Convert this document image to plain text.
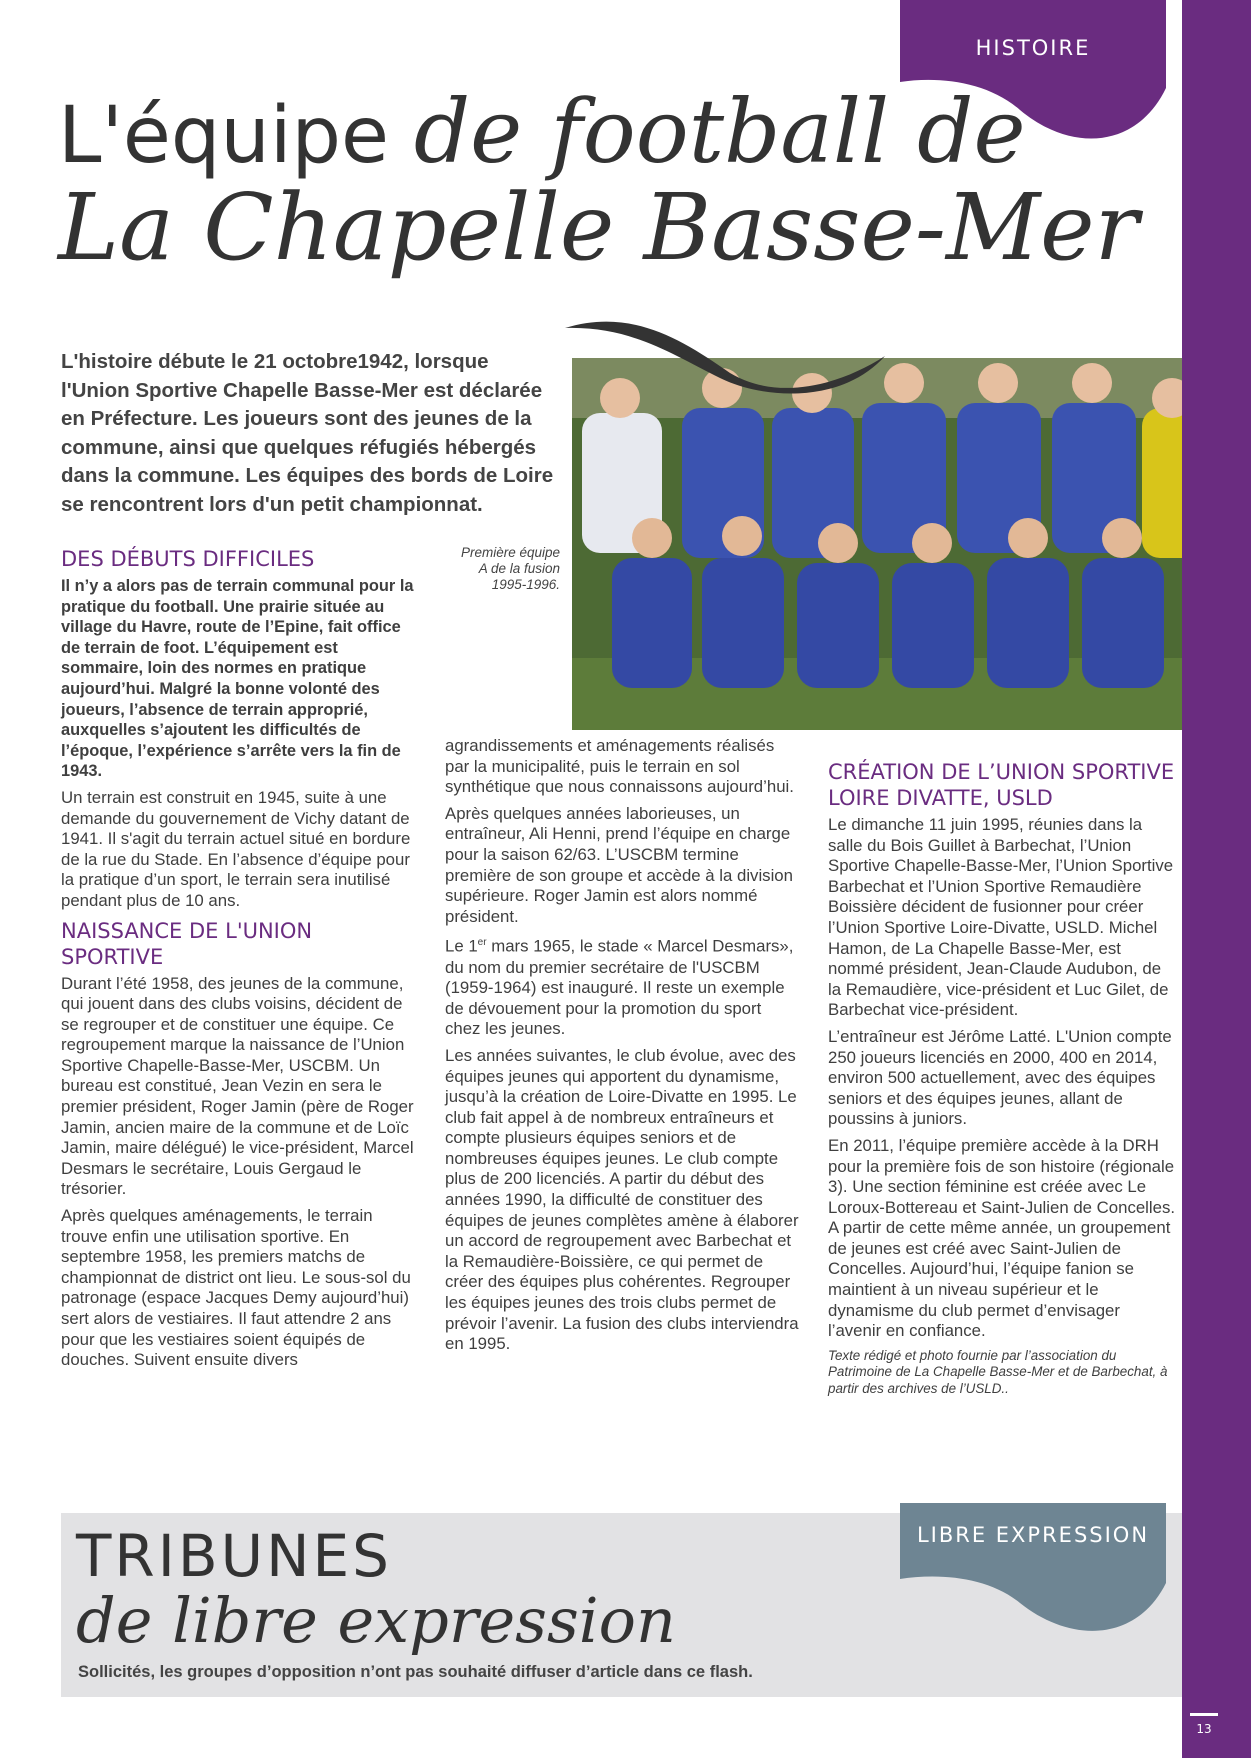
13
HISTOIRE
L'équipe de football de
La Chapelle Basse-Mer
L'histoire débute le 21 octobre1942, lorsque l'Union Sportive Chapelle Basse-Mer est déclarée en Préfecture. Les joueurs sont des jeunes de la commune, ainsi que quelques réfugiés hébergés dans la commune. Les équipes des bords de Loire se rencontrent lors d'un petit championnat.
Première équipe
A de la fusion
1995-1996.
DES DÉBUTS DIFFICILES

Il n’y a alors pas de terrain communal pour la pratique du football. Une prairie située au village du Havre, route de l’Epine, fait office de terrain de foot. L’équipement est sommaire, loin des normes en pratique aujourd’hui. Malgré la bonne volonté des joueurs, l’absence de terrain approprié, auxquelles s’ajoutent les difficultés de l’époque, l’expérience s’arrête vers la fin de 1943.

Un terrain est construit en 1945, suite à une demande du gouvernement de Vichy datant de 1941. Il s'agit du terrain actuel situé en bordure de la rue du Stade. En l’absence d’équipe pour la pratique d’un sport, le terrain sera inutilisé pendant plus de 10 ans.

NAISSANCE DE L'UNION SPORTIVE

Durant l’été 1958, des jeunes de la commune, qui jouent dans des clubs voisins, décident de se regrouper et de constituer une équipe. Ce regroupement marque la naissance de l’Union Sportive Chapelle-Basse-Mer, USCBM. Un bureau est constitué, Jean Vezin en sera le premier président, Roger Jamin (père de Roger Jamin, ancien maire de la commune et de Loïc Jamin, maire délégué) le vice-président, Marcel Desmars le secrétaire, Louis Gergaud le trésorier.

Après quelques aménagements, le terrain trouve enfin une utilisation sportive. En septembre 1958, les premiers matchs de championnat de district ont lieu. Le sous-sol du patronage (espace Jacques Demy aujourd’hui) sert alors de vestiaires. Il faut attendre 2 ans pour que les vestiaires soient équipés de douches. Suivent ensuite divers

agrandissements et aménagements réalisés par la municipalité, puis le terrain en sol synthétique que nous connaissons aujourd’hui.

Après quelques années laborieuses, un entraîneur, Ali Henni, prend l’équipe en charge pour la saison 62/63. L’USCBM termine première de son groupe et accède à la division supérieure. Roger Jamin est alors nommé président.

Le 1er mars 1965, le stade « Marcel Desmars», du nom du premier secrétaire de l'USCBM (1959-1964) est inauguré. Il reste un exemple de dévouement pour la promotion du sport chez les jeunes.

Les années suivantes, le club évolue, avec des équipes jeunes qui apportent du dynamisme, jusqu’à la création de Loire-Divatte en 1995. Le club fait appel à de nombreux entraîneurs et compte plusieurs équipes seniors et de nombreuses équipes jeunes. Le club compte plus de 200 licenciés. A partir du début des années 1990, la difficulté de constituer des équipes de jeunes complètes amène à élaborer un accord de regroupement avec Barbechat et la Remaudière-Boissière, ce qui permet de créer des équipes plus cohérentes. Regrouper les équipes jeunes des trois clubs permet de prévoir l’avenir. La fusion des clubs interviendra en 1995.

CRÉATION DE L’UNION SPORTIVE LOIRE DIVATTE, USLD

Le dimanche 11 juin 1995, réunies dans la salle du Bois Guillet à Barbechat, l’Union Sportive Chapelle-Basse-Mer, l’Union Sportive Barbechat et l’Union Sportive Remaudière Boissière décident de fusionner pour créer l’Union Sportive Loire-Divatte, USLD. Michel Hamon, de La Chapelle Basse-Mer, est nommé président, Jean-Claude Audubon, de la Remaudière, vice-président et Luc Gilet, de Barbechat vice-président.

L’entraîneur est Jérôme Latté. L'Union compte 250 joueurs licenciés en 2000, 400 en 2014, environ 500 actuellement, avec des équipes seniors et des équipes jeunes, allant de poussins à juniors.

En 2011, l’équipe première accède à la DRH pour la première fois de son histoire (régionale 3). Une section féminine est créée avec Le Loroux-Bottereau et Saint-Julien de Concelles. A partir de cette même année, un groupement de jeunes est créé avec Saint-Julien de Concelles. Aujourd’hui, l’équipe fanion se maintient à un niveau supérieur et le dynamisme du club permet d’envisager l’avenir en confiance.

Texte rédigé et photo fournie par l’association du Patrimoine de La Chapelle Basse-Mer et de Barbechat, à partir des archives de l’USLD..

TRIBUNES
de libre expression
Sollicités, les groupes d’opposition n’ont pas souhaité diffuser d’article dans ce flash.
LIBRE EXPRESSION
